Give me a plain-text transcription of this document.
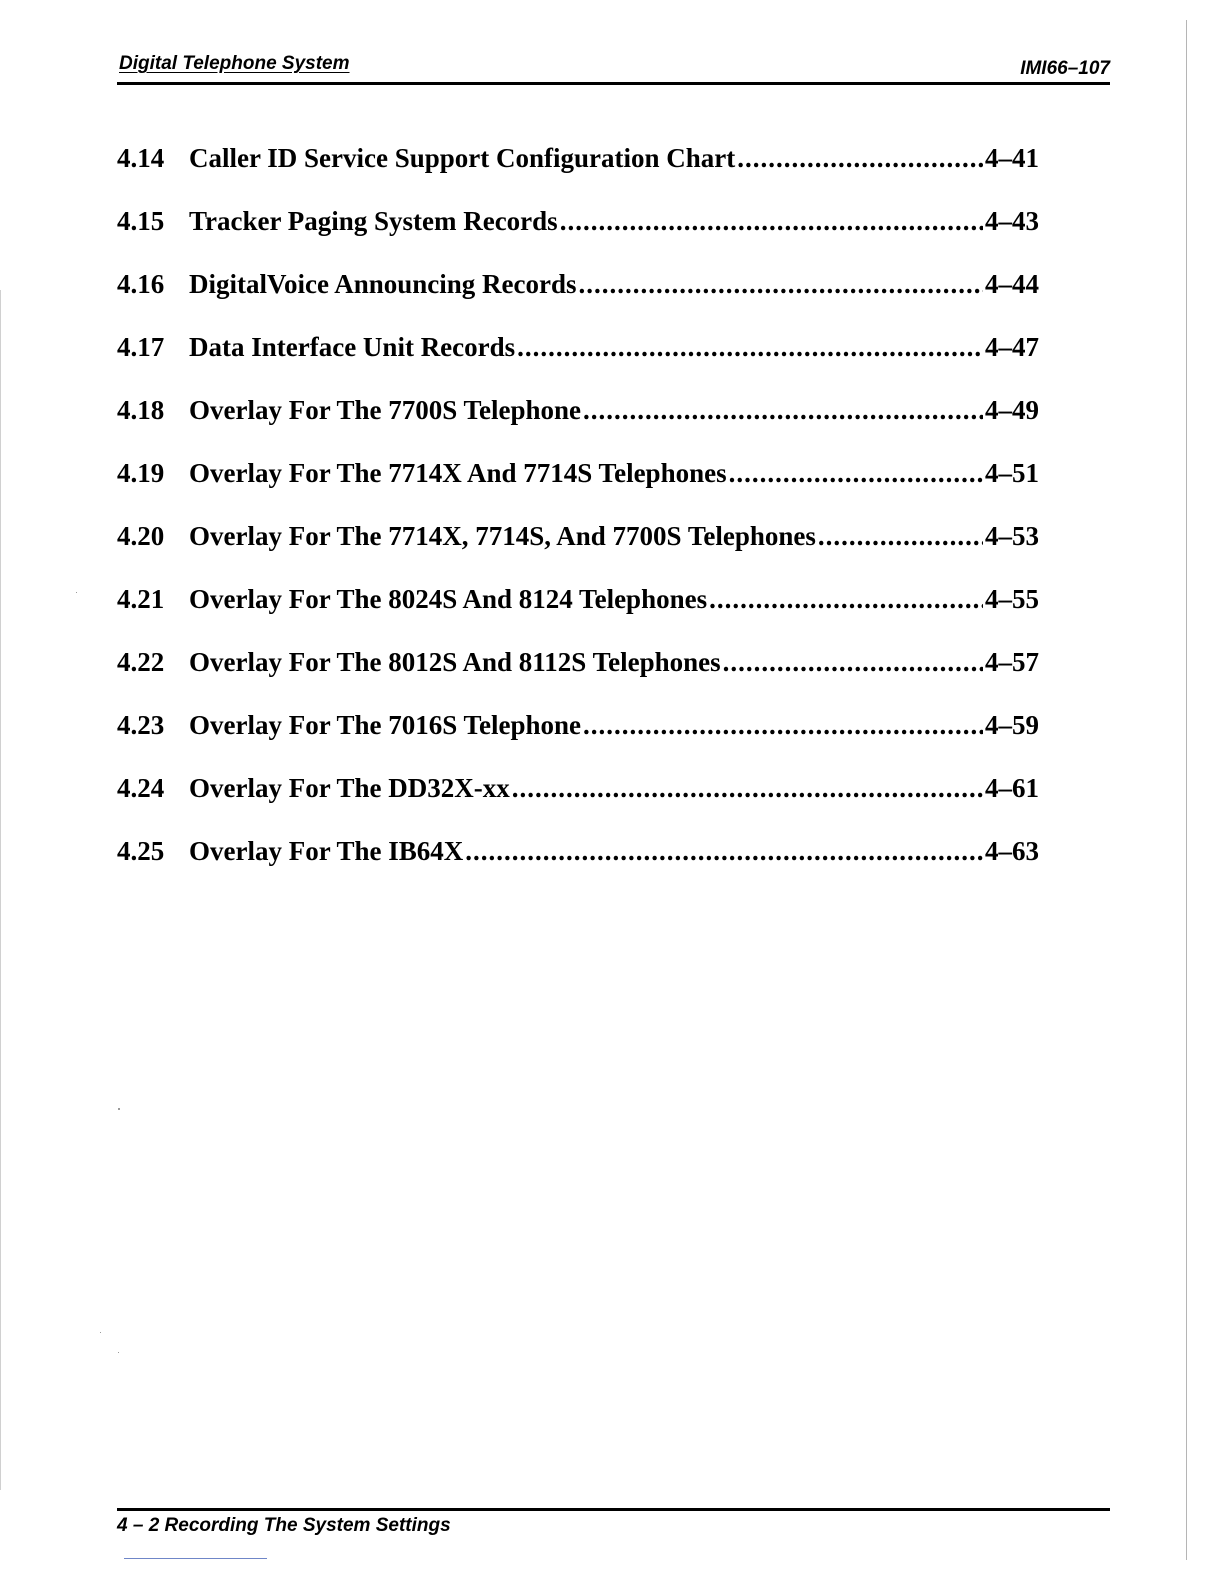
Digital Telephone System	IMI66–107
4.14 Caller ID Service Support Configuration Chart .....	4–41
4.15 Tracker Paging System Records .....	4–43
4.16 DigitalVoice Announcing Records .....	4–44
4.17 Data Interface Unit Records .....	4–47
4.18 Overlay For The 7700S Telephone .....	4–49
4.19 Overlay For The 7714X And 7714S Telephones .....	4–51
4.20 Overlay For The 7714X, 7714S, And 7700S Telephones .....	4–53
4.21 Overlay For The 8024S And 8124 Telephones .....	4–55
4.22 Overlay For The 8012S And 8112S Telephones .....	4–57
4.23 Overlay For The 7016S Telephone .....	4–59
4.24 Overlay For The DD32X-xx .....	4–61
4.25 Overlay For The IB64X .....	4–63
4 – 2 Recording The System Settings
